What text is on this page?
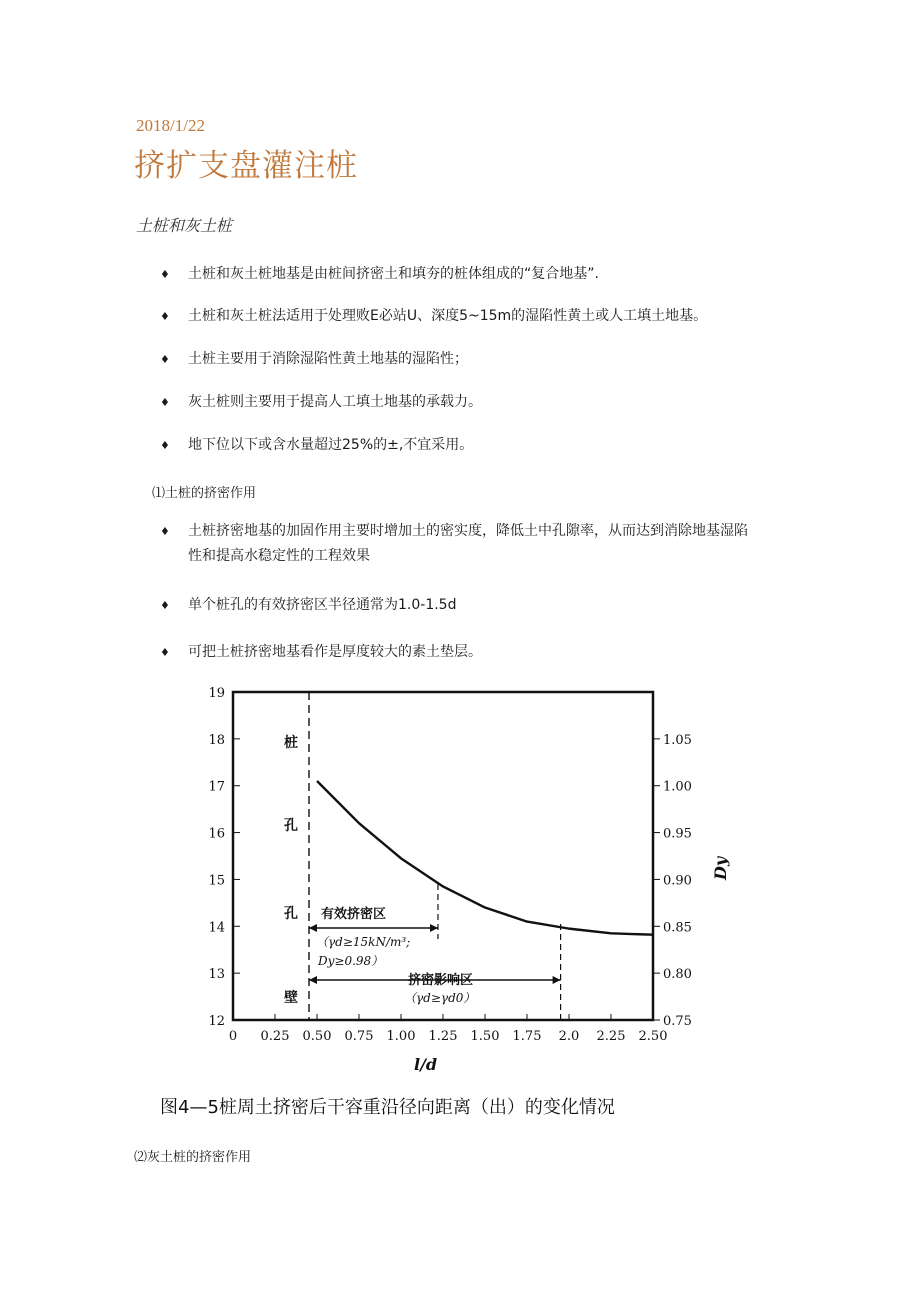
2018/1/22
挤扩支盘灌注桩
土桩和灰土桩
♦ 土桩和灰土桩地基是由桩间挤密土和填夯的桩体组成的“复合地基”.
♦ 土桩和灰土桩法适用于处理败E必站U、深度5~15m的湿陷性黄土或人工填土地基。
♦ 土桩主要用于消除湿陷性黄土地基的湿陷性；
♦ 灰土桩则主要用于提高人工填土地基的承载力。
♦ 地下位以下或含水量超过25%的±,不宜采用。
⑴土桩的挤密作用
♦ 土桩挤密地基的加固作用主要时增加土的密实度，降低土中孔隙率，从而达到消除地基湿陷性和提高水稳定性的工程效果
♦ 单个桩孔的有效挤密区半径通常为1.0-1.5d
♦ 可把土桩挤密地基看作是厚度较大的素土垫层。
有效挤密区
（γd≥15kN/m³;
Dy≥0.98）
挤密影响区
（γd≥γd0）
桩
孔
孔
壁
l/d
Dy
0 0.25 0.50 0.75 1.00 1.25 1.50 1.75 2.0 2.25 2.50
12
13
14
15
16
17
18
19
0.75
0.80
0.85
0.90
0.95
1.00
1.05
图4—5桩周土挤密后干容重沿径向距离（出）的变化情况
⑵灰土桩的挤密作用
